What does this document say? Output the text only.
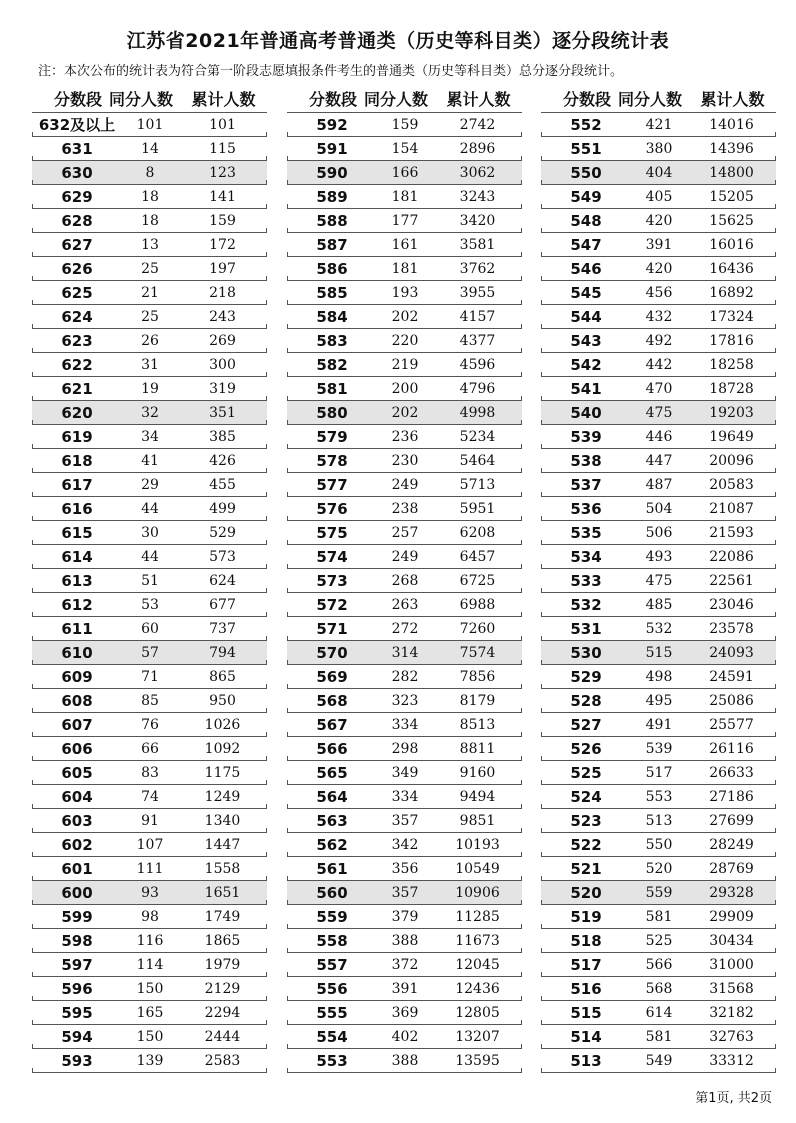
江苏省2021年普通高考普通类（历史等科目类）逐分段统计表
注：本次公布的统计表为符合第一阶段志愿填报条件考生的普通类（历史等科目类）总分逐分段统计。
分数段 同分人数	累计人数
632及以上	101	101
631	14	115
630	8	123
629	18	141
628	18	159
627	13	172
626	25	197
625	21	218
624	25	243
623	26	269
622	31	300
621	19	319
620	32	351
619	34	385
618	41	426
617	29	455
616	44	499
615	30	529
614	44	573
613	51	624
612	53	677
611	60	737
610	57	794
609	71	865
608	85	950
607	76	1026
606	66	1092
605	83	1175
604	74	1249
603	91	1340
602	107	1447
601	111	1558
600	93	1651
599	98	1749
598	116	1865
597	114	1979
596	150	2129
595	165	2294
594	150	2444
593	139	2583
分数段 同分人数	累计人数
592	159	2742
591	154	2896
590	166	3062
589	181	3243
588	177	3420
587	161	3581
586	181	3762
585	193	3955
584	202	4157
583	220	4377
582	219	4596
581	200	4796
580	202	4998
579	236	5234
578	230	5464
577	249	5713
576	238	5951
575	257	6208
574	249	6457
573	268	6725
572	263	6988
571	272	7260
570	314	7574
569	282	7856
568	323	8179
567	334	8513
566	298	8811
565	349	9160
564	334	9494
563	357	9851
562	342	10193
561	356	10549
560	357	10906
559	379	11285
558	388	11673
557	372	12045
556	391	12436
555	369	12805
554	402	13207
553	388	13595
分数段 同分人数	累计人数
552	421	14016
551	380	14396
550	404	14800
549	405	15205
548	420	15625
547	391	16016
546	420	16436
545	456	16892
544	432	17324
543	492	17816
542	442	18258
541	470	18728
540	475	19203
539	446	19649
538	447	20096
537	487	20583
536	504	21087
535	506	21593
534	493	22086
533	475	22561
532	485	23046
531	532	23578
530	515	24093
529	498	24591
528	495	25086
527	491	25577
526	539	26116
525	517	26633
524	553	27186
523	513	27699
522	550	28249
521	520	28769
520	559	29328
519	581	29909
518	525	30434
517	566	31000
516	568	31568
515	614	32182
514	581	32763
513	549	33312
第1页, 共2页
